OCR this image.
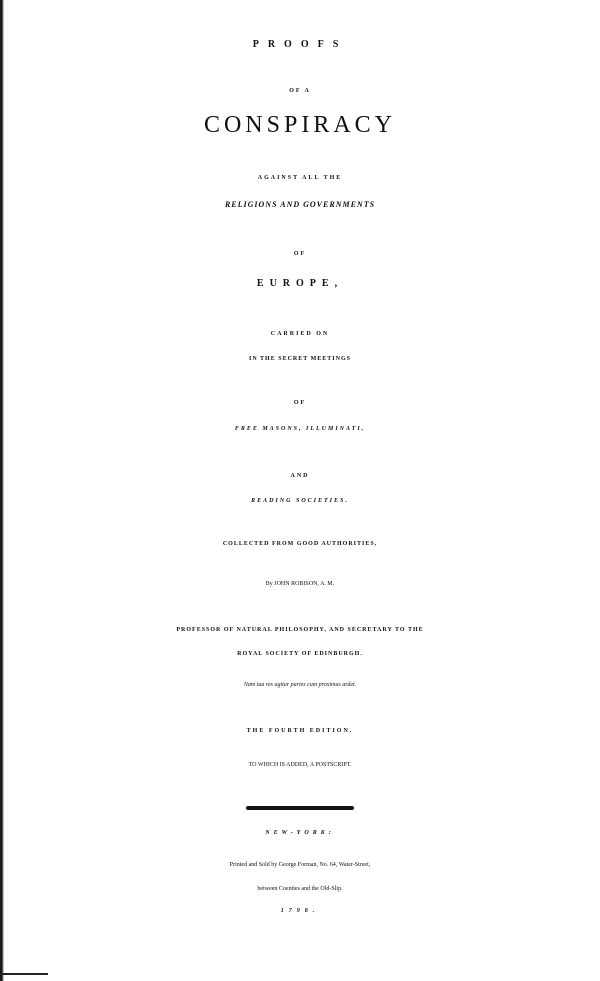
PROOFS
OF A
CONSPIRACY
AGAINST ALL THE
RELIGIONS AND GOVERNMENTS
OF
EUROPE,
CARRIED ON
IN THE SECRET MEETINGS
OF
FREE MASONS, ILLUMINATI,
AND
READING SOCIETIES.
COLLECTED FROM GOOD AUTHORITIES,
By JOHN ROBISON, A. M.
PROFESSOR OF NATURAL PHILOSOPHY, AND SECRETARY TO THE
ROYAL SOCIETY OF EDINBURGH.
Nam tua res agitur paries cum proximus ardet.
THE FOURTH EDITION.
TO WHICH IS ADDED, A POSTSCRIPT.
NEW-YORK:
Printed and Sold by George Forman, No. 64, Water-Street,
between Coenties and the Old-Slip.
1798.
